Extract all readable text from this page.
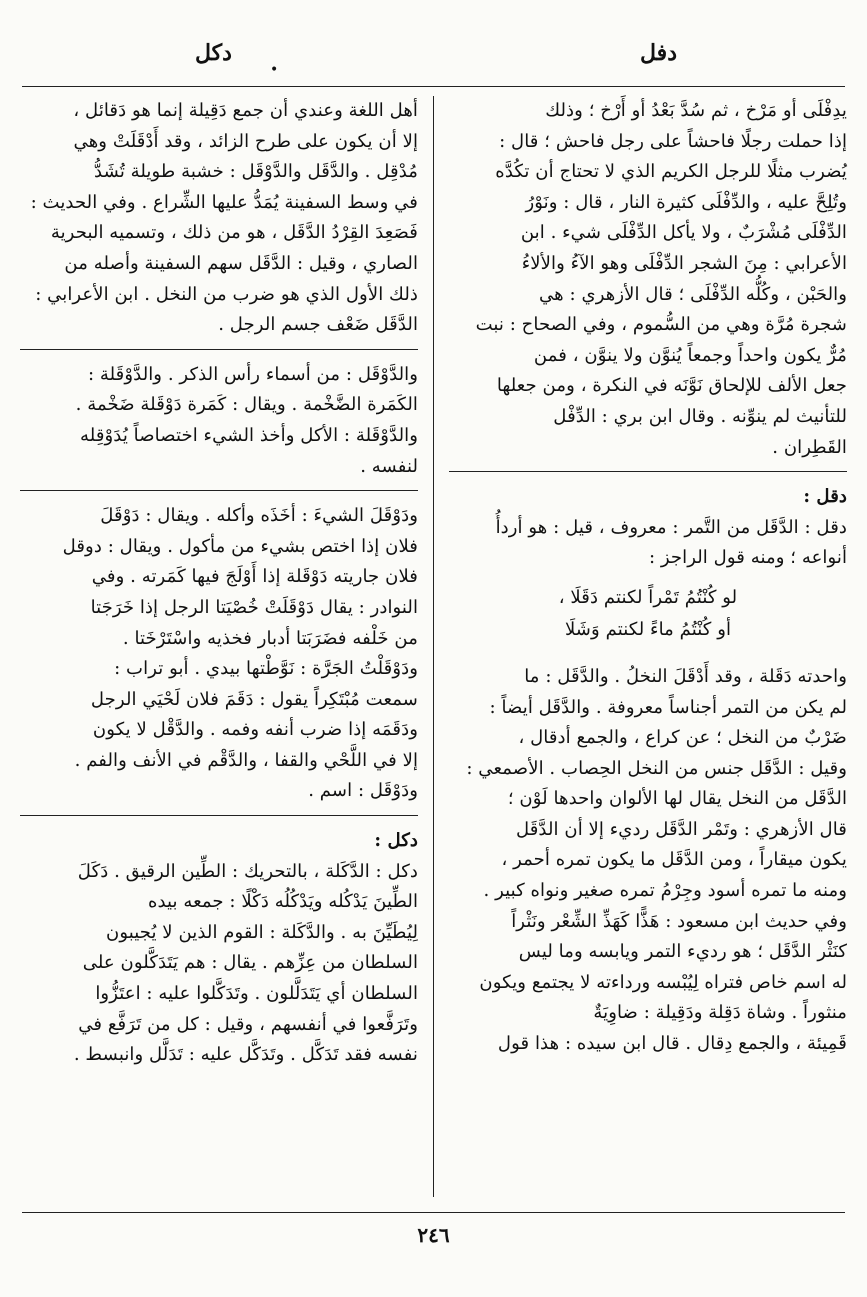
دفل
دكل
•

يدِفْلَى أو مَرْخ ، ثم سُدَّ بَعْدُ أو أَرْخ ؛ وذلك

إذا حملت رجلًا فاحشاً على رجل فاحش ؛ قال :

يُضرب مثلًا للرجل الكريم الذي لا تحتاج أن تكُدَّه

وتُلِحَّ عليه ، والدِّفْلَى كثيرة النار ، قال : ونَوْرُ

الدِّفْلَى مُشْرَبٌ ، ولا يأكل الدِّفْلَى شيء . ابن

الأعرابي : مِنَ الشجر الدِّفْلَى وهو الآءُ والألاءُ

والحَبْن ، وكُلُّه الدِّفْلَى ؛ قال الأزهري : هي

شجرة مُرَّة وهي من السُّموم ، وفي الصحاح : نبت

مُرٌّ يكون واحداً وجمعاً يُنوَّن ولا ينوَّن ، فمن

جعل الألف للإلحاق نَوَّنَه في النكرة ، ومن جعلها

للتأنيث لم ينوِّنه . وقال ابن بري : الدِّفْل

القَطِران .

دقل :

دقل : الدَّقَل من التَّمر : معروف ، قيل : هو أردأُ

أنواعه ؛ ومنه قول الراجز :

لو كُنْتُمُ تَمْراً لكنتم دَقَلَا ،

أو كُنْتُمُ ماءً لكنتم وَشَلَا

واحدته دَقَلة ، وقد أَدْقَلَ النخلُ . والدَّقَل : ما

لم يكن من التمر أجناساً معروفة . والدَّقَل أيضاً :

ضَرْبٌ من النخل ؛ عن كراع ، والجمع أدقال ،

وقيل : الدَّقَل جنس من النخل الحِصاب . الأصمعي :

الدَّقَل من النخل يقال لها الألوان واحدها لَوْن ؛

قال الأزهري : وتَمْر الدَّقَل رديء إلا أن الدَّقَل

يكون ميقاراً ، ومن الدَّقَل ما يكون تمره أحمر ،

ومنه ما تمره أسود وجِرْمُ تمره صغير ونواه كبير .

وفي حديث ابن مسعود : هَذًّا كَهَذِّ الشِّعْر ونَثْراً

كنَثْر الدَّقَل ؛ هو رديء التمر ويابسه وما ليس

له اسم خاص فتراه لِيُبْسه ورداءته لا يجتمع ويكون

منثوراً . وشاة دَقِلة ودَقِيلة : ضاوِيَةٌ

قَمِيئة ، والجمع دِقال . قال ابن سيده : هذا قول

أهل اللغة وعندي أن جمع دَقِيلة إنما هو دَقائل ،

إلا أن يكون على طرح الزائد ، وقد أَدْقَلَتْ وهي

مُدْقِل . والدَّقَل والدَّوْقَل : خشبة طويلة تُشَدُّ

في وسط السفينة يُمَدُّ عليها الشِّراع . وفي الحديث :

فَصَعِدَ القِرْدُ الدَّقَل ، هو من ذلك ، وتسميه البحرية

الصاري ، وقيل : الدَّقَل سهم السفينة وأصله من

ذلك الأول الذي هو ضرب من النخل . ابن الأعرابي :

الدَّقَل ضَعْف جسم الرجل .

والدَّوْقَل : من أسماء رأس الذكر . والدَّوْقَلة :

الكَمَرة الضَّخْمة . ويقال : كَمَرة دَوْقَلة ضَخْمة .

والدَّوْقَلة : الأكل وأخذ الشيء اختصاصاً يُدَوْقِله

لنفسه .

ودَوْقَلَ الشيءَ : أخَذَه وأكله . ويقال : دَوْقَلَ

فلان إذا اختص بشيء من مأكول . ويقال : دوقل

فلان جاريته دَوْقَلة إذا أَوْلَجَ فيها كَمَرته . وفي

النوادر : يقال دَوْقَلَتْ خُصْيَتا الرجل إذا خَرَجَتا

من خَلْفه فضَرَبَتا أدبار فخذيه واسْتَرْخَتا .

ودَوْقَلْتُ الجَرَّة : نَوَّطْتها بيدي . أبو تراب :

سمعت مُبْتَكِراً يقول : دَقَمَ فلان لَحْيَي الرجل

ودَقَمَه إذا ضرب أنفه وفمه . والدَّقْل لا يكون

إلا في اللَّحْي والقفا ، والدَّقْم في الأنف والفم .

ودَوْقَل : اسم .

دكل :

دكل : الدَّكَلة ، بالتحريك : الطِّين الرقيق . دَكَلَ

الطِّينَ يَدْكُله ويَدْكُلُه دَكْلًا : جمعه بيده

لِيُطَيِّنَ به . والدَّكَلة : القوم الذين لا يُجيبون

السلطان من عِزِّهم . يقال : هم يَتَدَكَّلون على

السلطان أي يَتَدَلَّلون . وتَدَكَّلوا عليه : اعتَزُّوا

وتَرَفَّعوا في أنفسهم ، وقيل : كل من تَرَفَّع في

نفسه فقد تَدَكَّل . وتَدَكَّل عليه : تَدَلَّل وانبسط .

٢٤٦
